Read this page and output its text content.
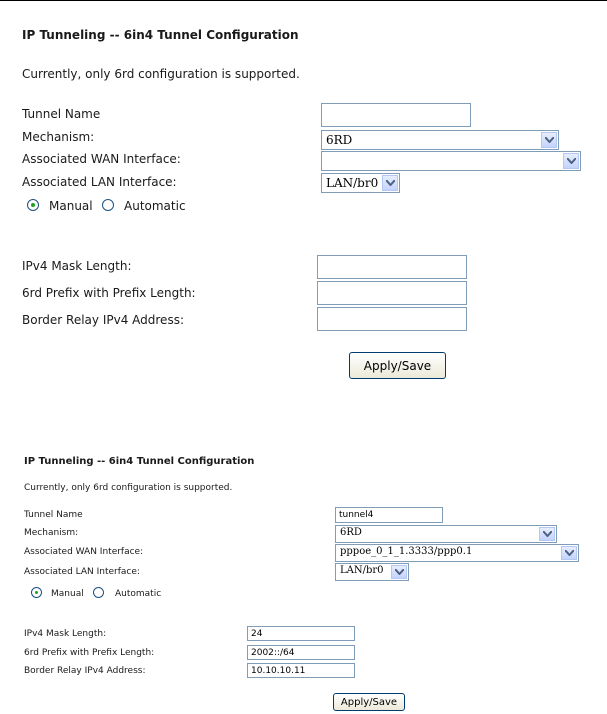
IP Tunneling -- 6in4 Tunnel Configuration
Currently, only 6rd configuration is supported.
Tunnel Name
Mechanism:	6RD
Associated WAN Interface:
Associated LAN Interface:	LAN/br0
Manual	Automatic
IPv4 Mask Length:
6rd Prefix with Prefix Length:
Border Relay IPv4 Address:
Apply/Save
IP Tunneling -- 6in4 Tunnel Configuration
Currently, only 6rd configuration is supported.
Tunnel Name
tunnel4
Mechanism:	6RD
Associated WAN Interface:	pppoe_0_1_1.3333/ppp0.1
Associated LAN Interface:	LAN/br0
Manual	Automatic
IPv4 Mask Length:
24
6rd Prefix with Prefix Length:
2002::/64
Border Relay IPv4 Address:
10.10.10.11
Apply/Save
